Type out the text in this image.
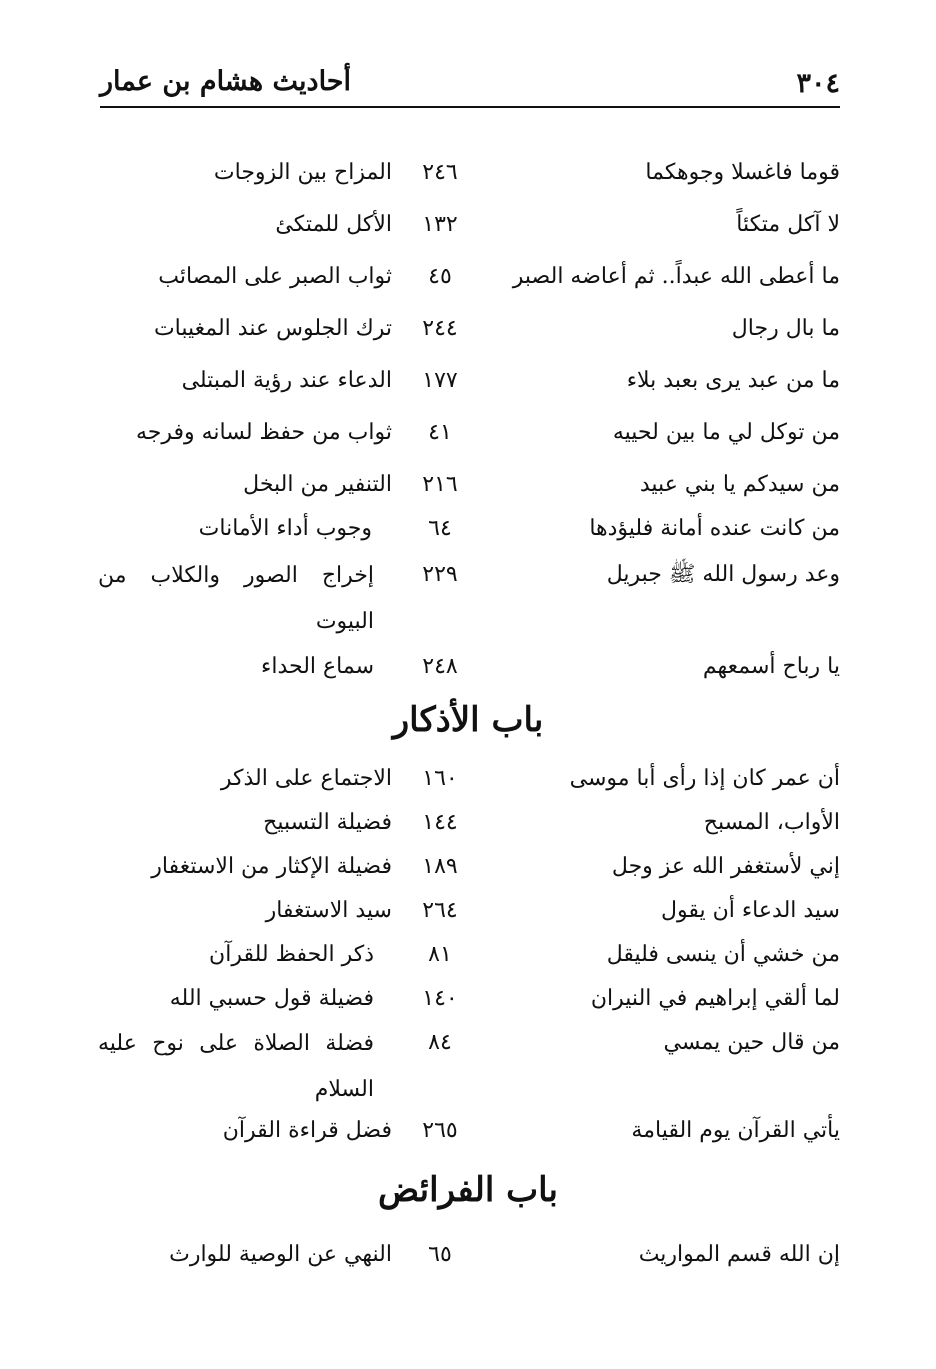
٣٠٤
أحاديث هشام بن عمار
قوما فاغسلا وجوهكما
٢٤٦
المزاح بين الزوجات
لا آكل متكئاً
١٣٢
الأكل للمتكئ
ما أعطى الله عبداً.. ثم أعاضه الصبر
٤٥
ثواب الصبر على المصائب
ما بال رجال
٢٤٤
ترك الجلوس عند المغيبات
ما من عبد يرى بعبد بلاء
١٧٧
الدعاء عند رؤية المبتلى
من توكل لي ما بين لحييه
٤١
ثواب من حفظ لسانه وفرجه
من سيدكم يا بني عبيد
٢١٦
التنفير من البخل
من كانت عنده أمانة فليؤدها
٦٤
وجوب أداء الأمانات
وعد رسول الله ﷺ جبريل
٢٢٩
إخراج الصور والكلاب من البيوت
يا رباح أسمعهم
٢٤٨
سماع الحداء
باب الأذكار
أن عمر كان إذا رأى أبا موسى
١٦٠
الاجتماع على الذكر
الأواب، المسبح
١٤٤
فضيلة التسبيح
إني لأستغفر الله عز وجل
١٨٩
فضيلة الإكثار من الاستغفار
سيد الدعاء أن يقول
٢٦٤
سيد الاستغفار
من خشي أن ينسى فليقل
٨١
ذكر الحفظ للقرآن
لما ألقي إبراهيم في النيران
١٤٠
فضيلة قول حسبي الله
من قال حين يمسي
٨٤
فضلة الصلاة على نوح عليه السلام
يأتي القرآن يوم القيامة
٢٦٥
فضل قراءة القرآن
باب الفرائض
إن الله قسم المواريث
٦٥
النهي عن الوصية للوارث
